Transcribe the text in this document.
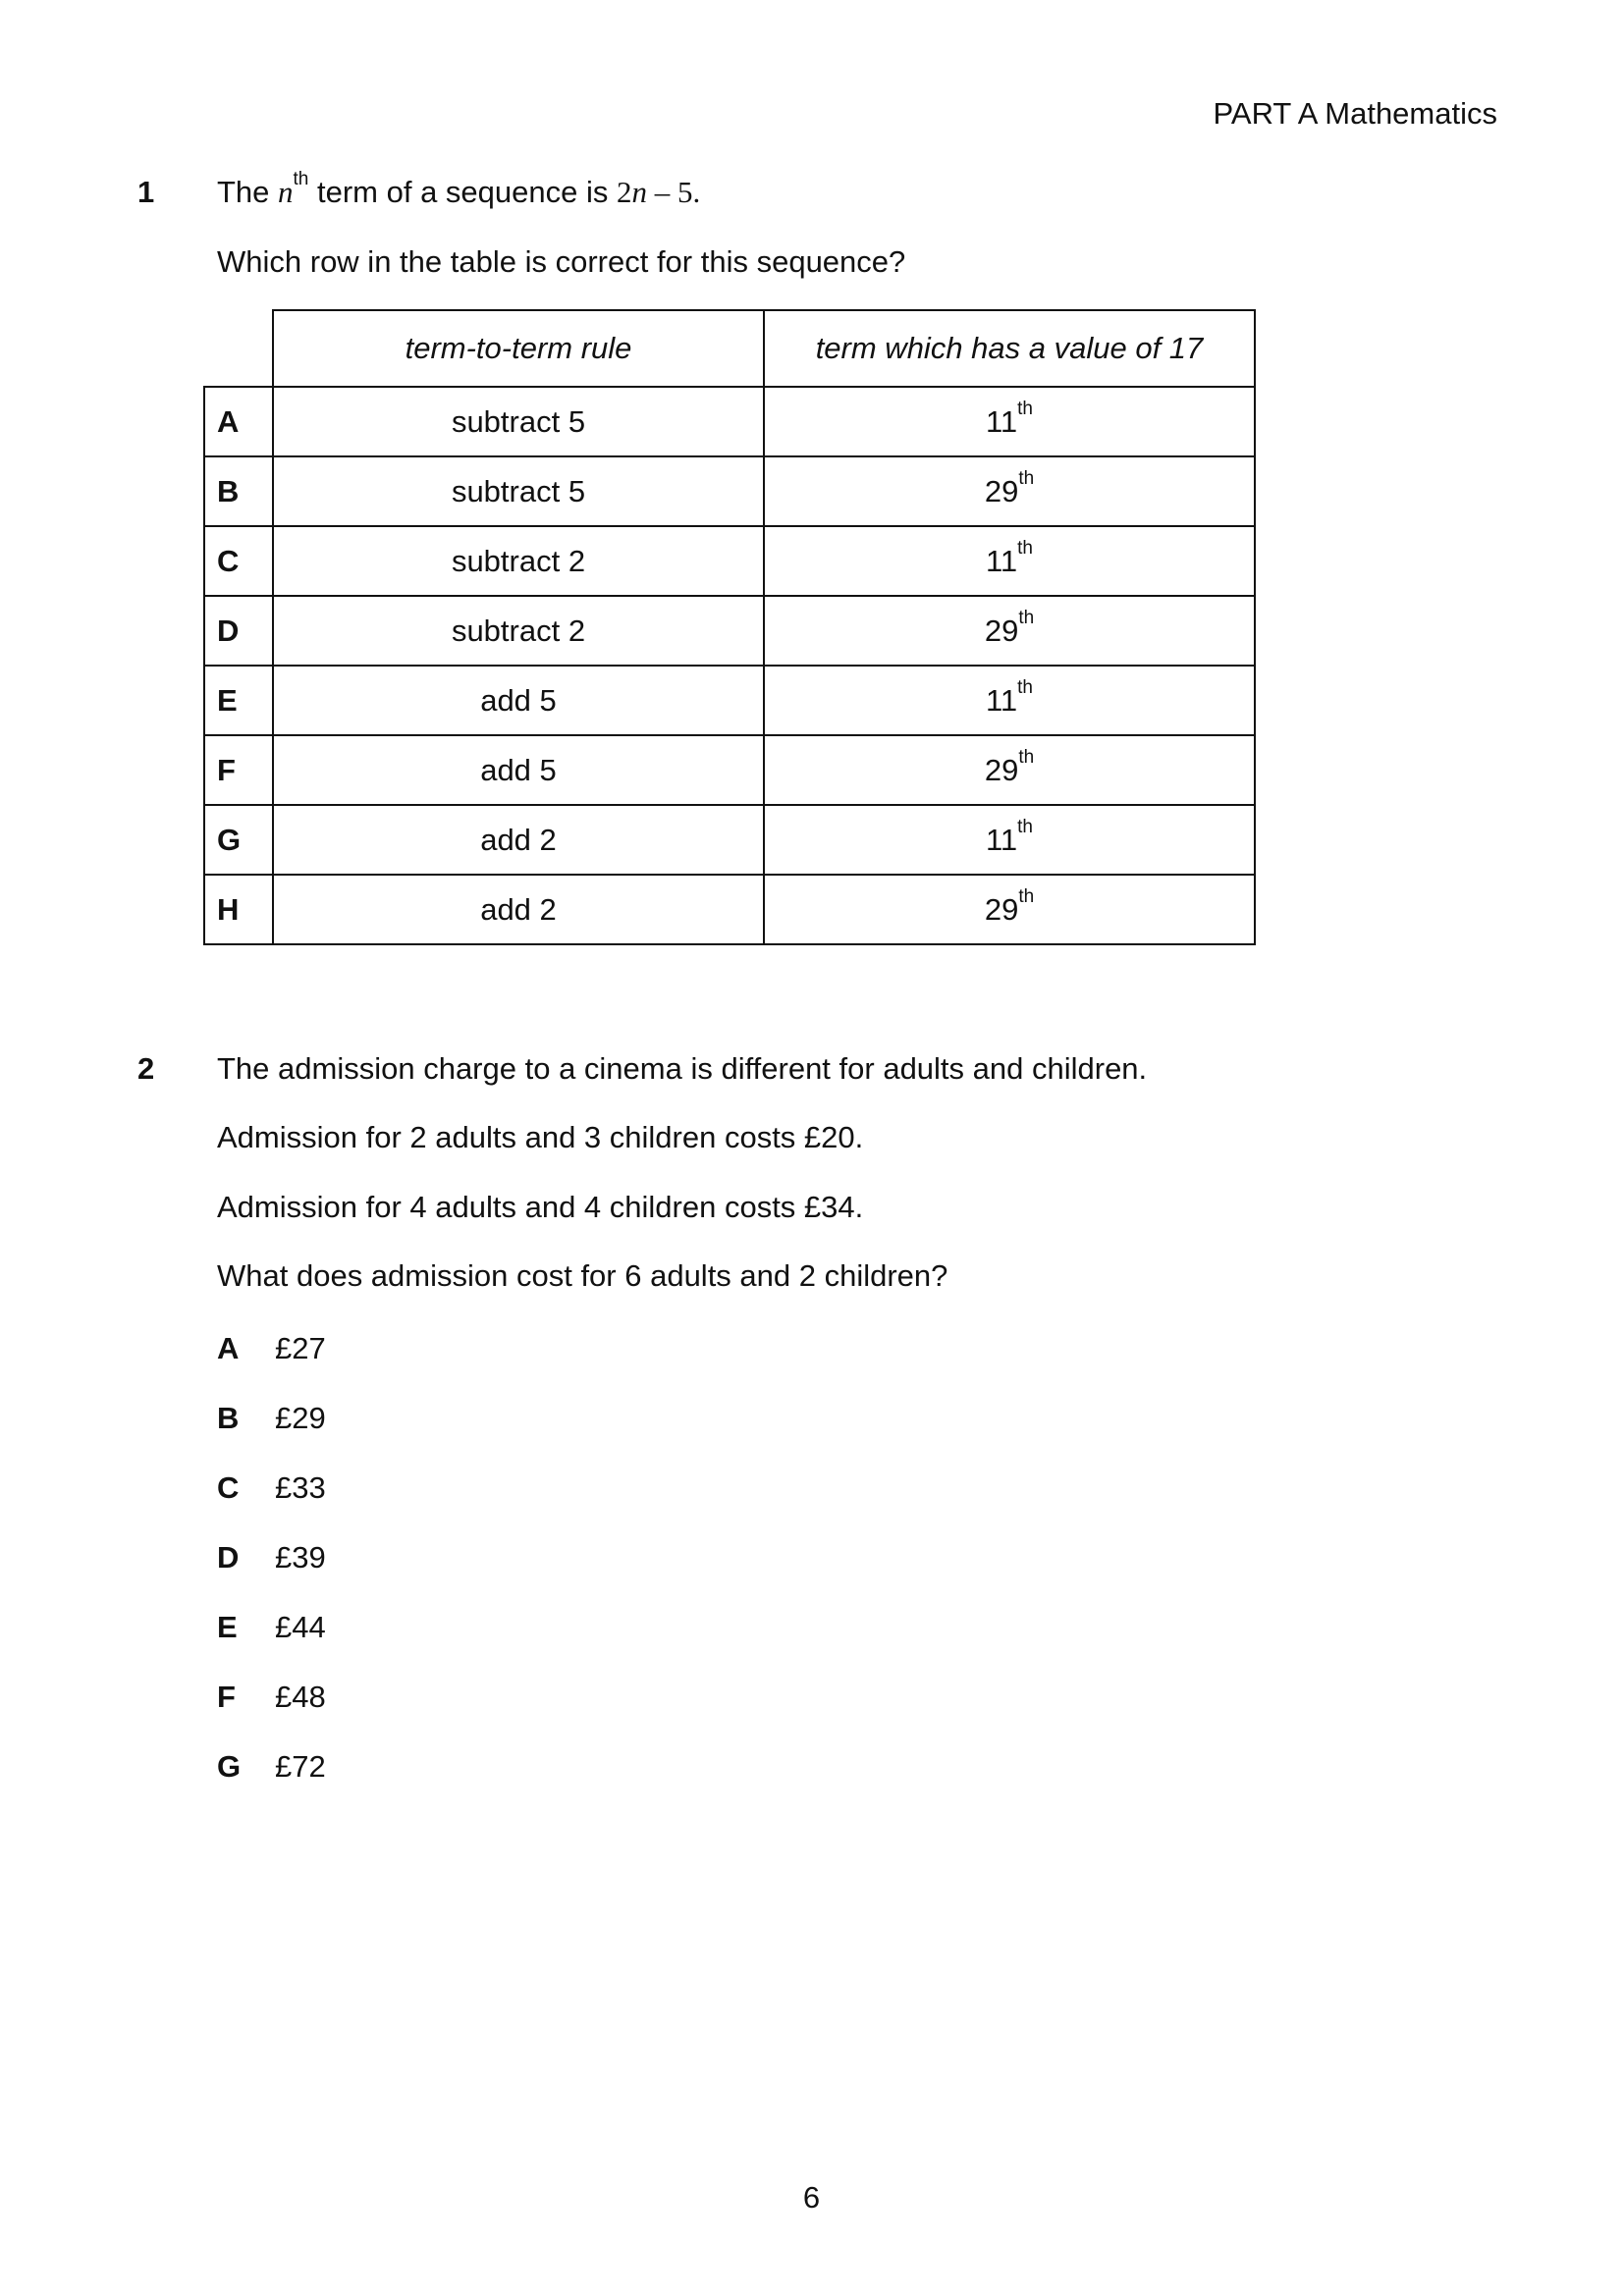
PART A Mathematics
1 The $n^{th}$ term of a sequence is 2n – 5.
Which row in the table is correct for this sequence?
	term-to-term rule	term which has a value of 17
A	subtract 5	11th
B	subtract 5	29th
C	subtract 2	11th
D	subtract 2	29th
E	add 5	11th
F	add 5	29th
G	add 2	11th
H	add 2	29th
2 The admission charge to a cinema is different for adults and children.
Admission for 2 adults and 3 children costs £20.
Admission for 4 adults and 4 children costs £34.
What does admission cost for 6 adults and 2 children?
A £27
B £29
C £33
D £39
E £44
F £48
G £72
6
